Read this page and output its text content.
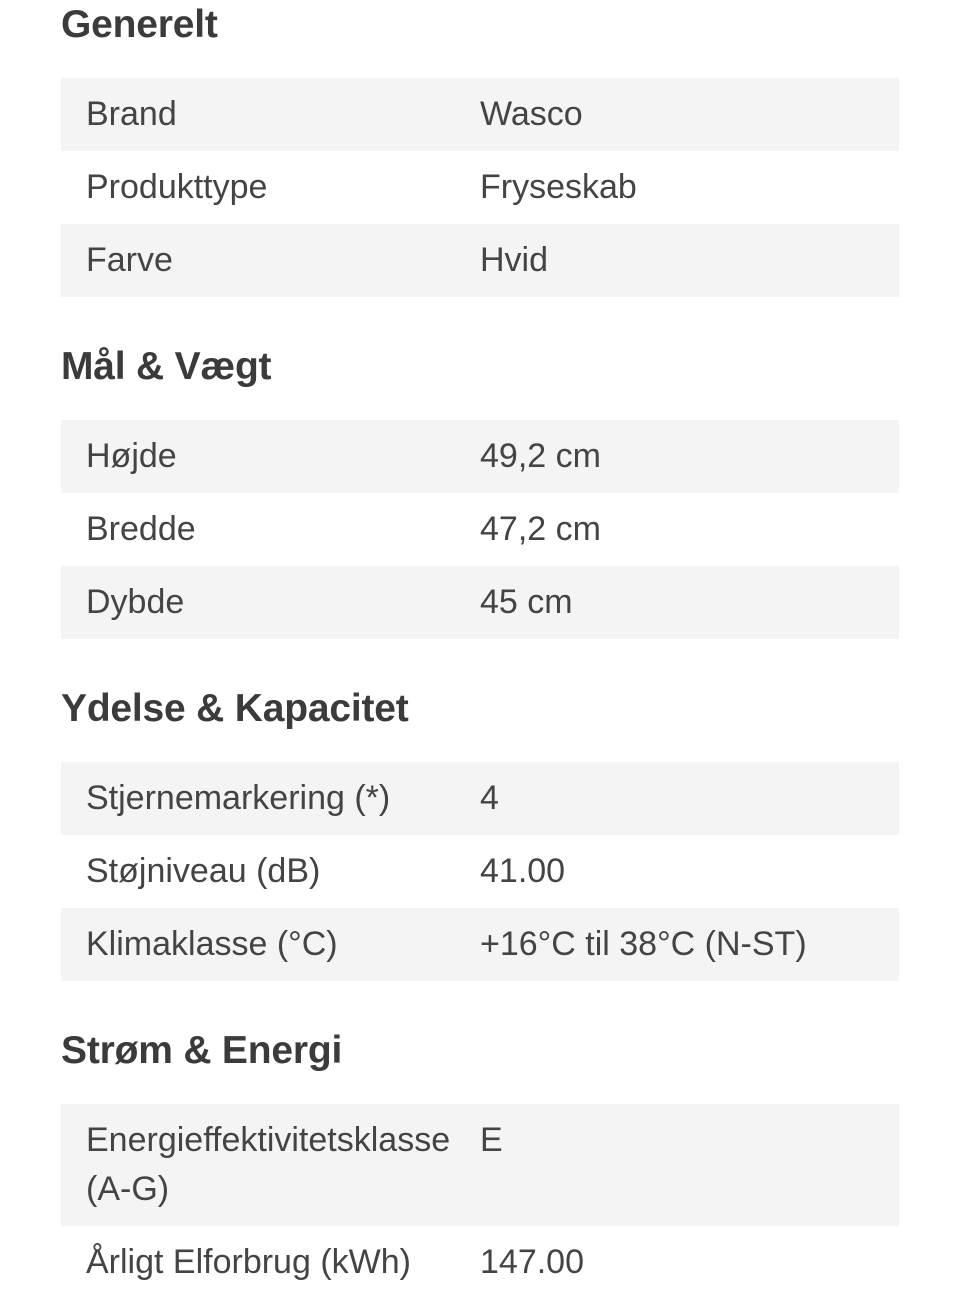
Generelt
Brand	Wasco
Produkttype	Fryseskab
Farve	Hvid
Mål & Vægt
Højde	49,2 cm
Bredde	47,2 cm
Dybde	45 cm
Ydelse & Kapacitet
Stjernemarkering (*)	4
Støjniveau (dB)	41.00
Klimaklasse (°C)	+16°C til 38°C (N-ST)
Strøm & Energi
Energieffektivitetsklasse
(A-G)	E
Årligt Elforbrug (kWh)	147.00
